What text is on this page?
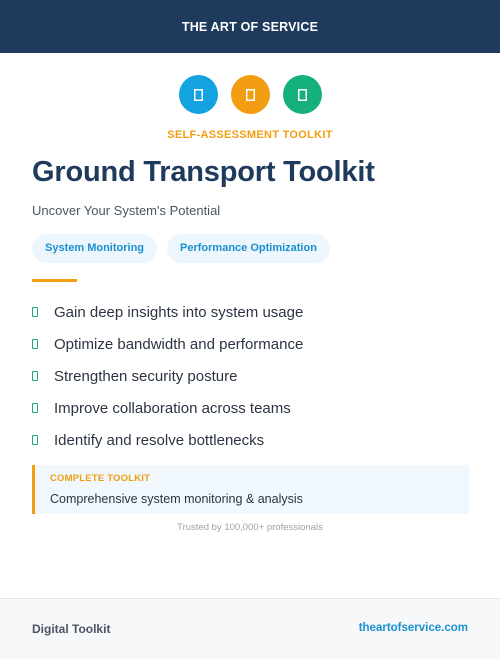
THE ART OF SERVICE
SELF-ASSESSMENT TOOLKIT
Ground Transport Toolkit
Uncover Your System's Potential
System Monitoring	Performance Optimization
Gain deep insights into system usage
Optimize bandwidth and performance
Strengthen security posture
Improve collaboration across teams
Identify and resolve bottlenecks
COMPLETE TOOLKIT
Comprehensive system monitoring & analysis
Trusted by 100,000+ professionals
Digital Toolkit	theartofservice.com
